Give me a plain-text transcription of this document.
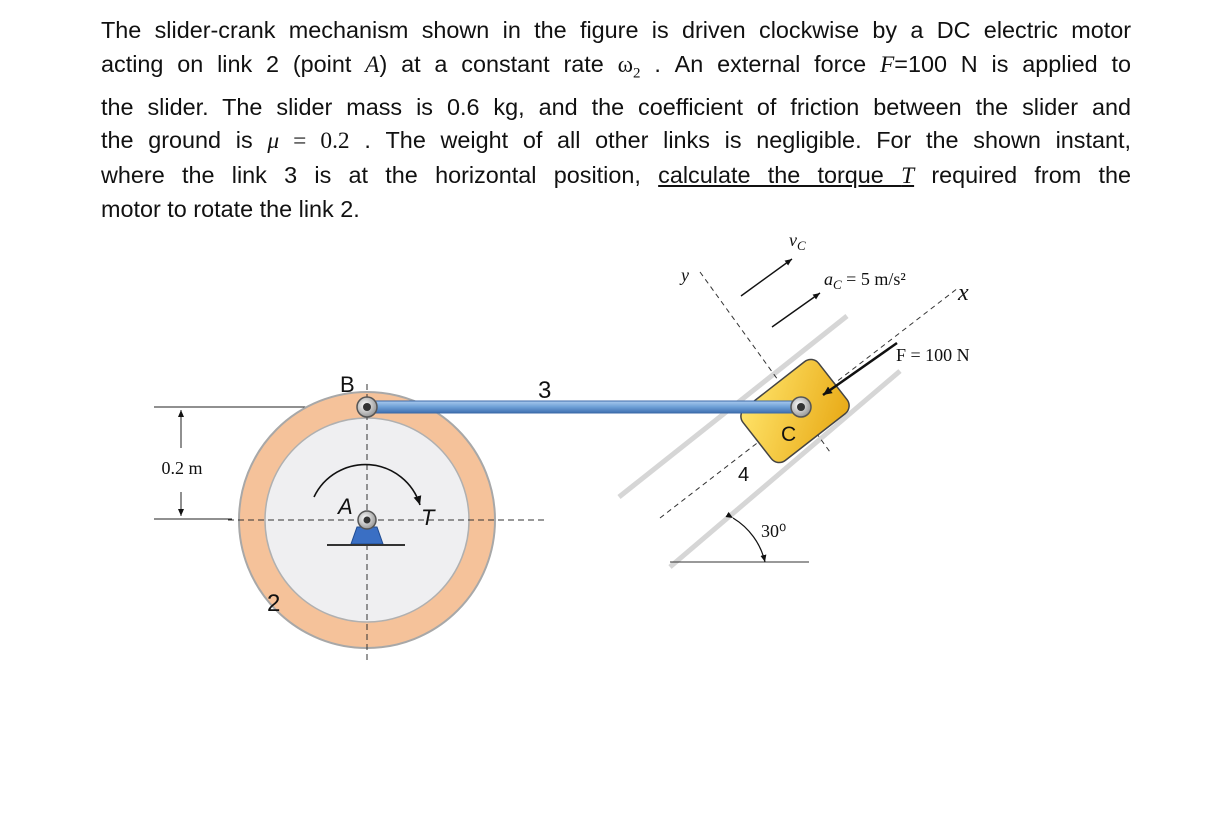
The slider-crank mechanism shown in the figure is driven clockwise by a DC electric motor
acting on link 2 (point A) at a constant rate $\omega_2$ . An external force F=100 N is applied to
the slider. The slider mass is 0.6 kg, and the coefficient of friction between the slider and
the ground is μ = 0.2 . The weight of all other links is negligible. For the shown instant,
where the link 3 is at the horizontal position, calculate the torque T required from the
motor to rotate the link 2.
0.2 m
A	T
2
x
y
3
B
C
4
F = 100 N
$v_C$
$a_C = 5$ m/s²
30⁰
